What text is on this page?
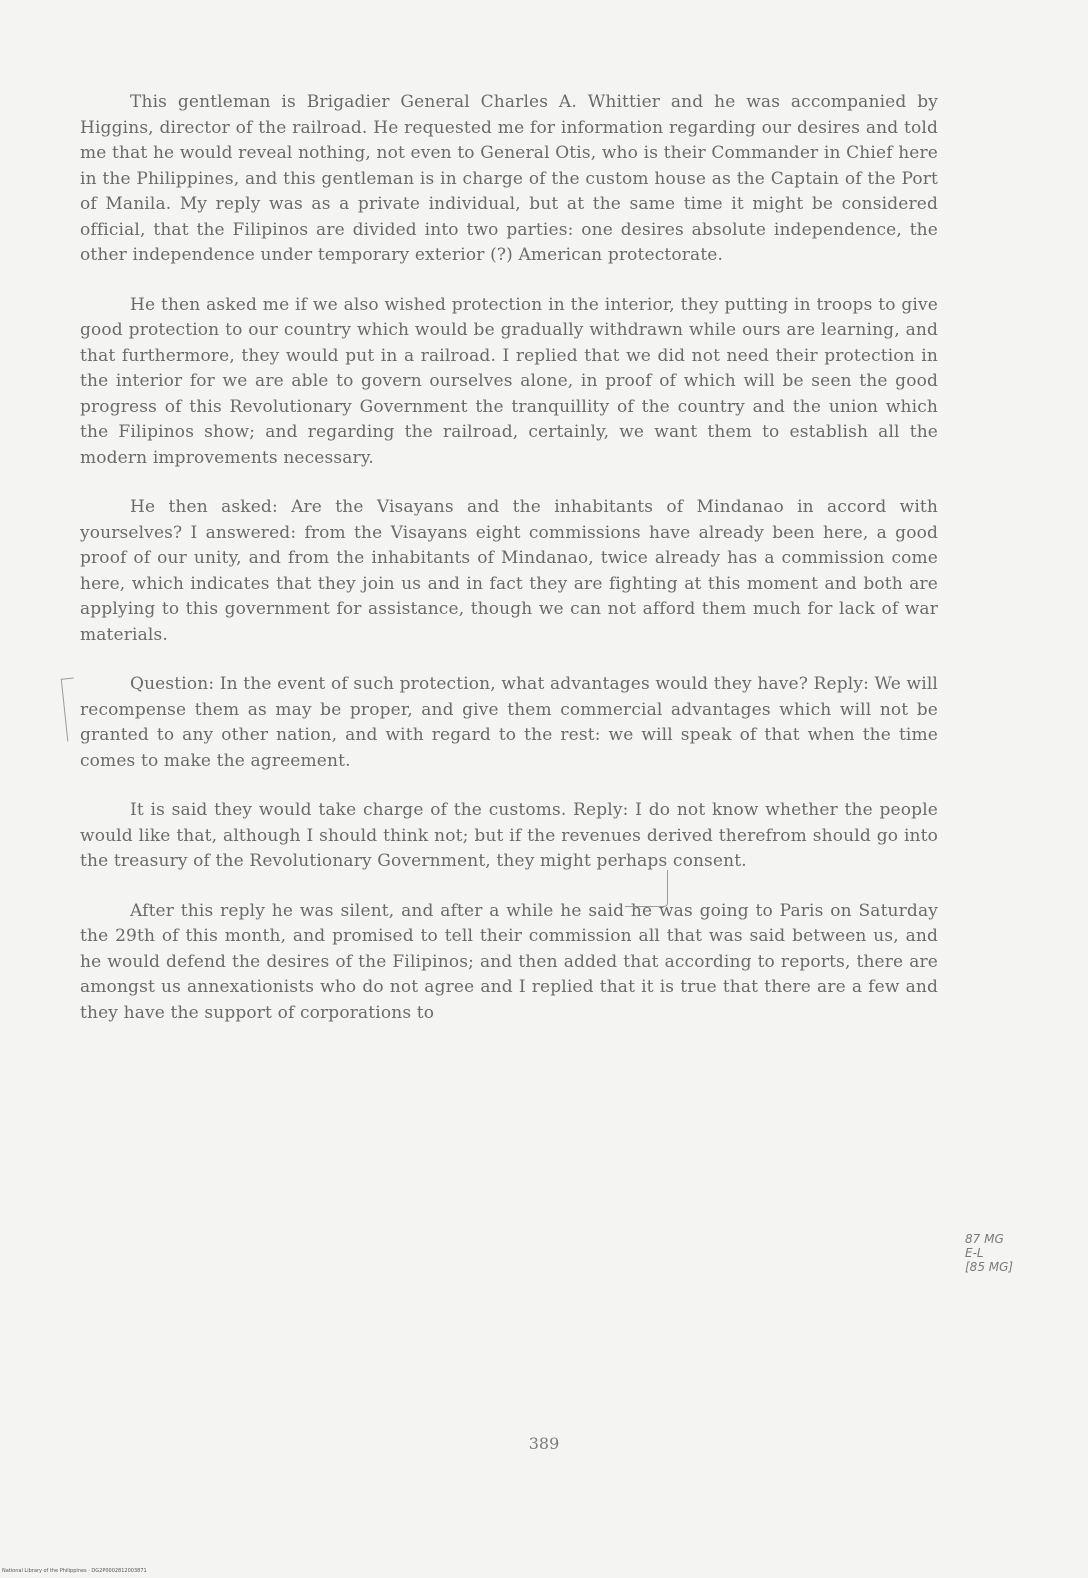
This gentleman is Brigadier General Charles A. Whittier and he was accompanied by Higgins, director of the railroad. He requested me for information regarding our desires and told me that he would reveal nothing, not even to General Otis, who is their Commander in Chief here in the Philippines, and this gentleman is in charge of the custom house as the Captain of the Port of Manila. My reply was as a private individual, but at the same time it might be considered official, that the Filipinos are divided into two parties: one desires absolute independence, the other independence under temporary exterior (?) American protectorate.

He then asked me if we also wished protection in the interior, they putting in troops to give good protection to our country which would be gradually withdrawn while ours are learning, and that furthermore, they would put in a railroad. I replied that we did not need their protection in the interior for we are able to govern ourselves alone, in proof of which will be seen the good progress of this Revolutionary Government the tranquillity of the country and the union which the Filipinos show; and regarding the railroad, certainly, we want them to establish all the modern improvements necessary.

He then asked: Are the Visayans and the inhabitants of Mindanao in accord with yourselves? I answered: from the Visayans eight commissions have already been here, a good proof of our unity, and from the inhabitants of Mindanao, twice already has a commission come here, which indicates that they join us and in fact they are fighting at this moment and both are applying to this government for assistance, though we can not afford them much for lack of war materials.

Question: In the event of such protection, what advantages would they have? Reply: We will recompense them as may be proper, and give them commercial advantages which will not be granted to any other nation, and with regard to the rest: we will speak of that when the time comes to make the agreement.

It is said they would take charge of the customs. Reply: I do not know whether the people would like that, although I should think not; but if the revenues derived therefrom should go into the treasury of the Revolutionary Government, they might perhaps consent.

After this reply he was silent, and after a while he said he was going to Paris on Saturday the 29th of this month, and promised to tell their commission all that was said between us, and he would defend the desires of the Filipinos; and then added that according to reports, there are amongst us annexationists who do not agree and I replied that it is true that there are a few and they have the support of corporations to

87 MG
E-L
[85 MG]
389
National Library of the Philippines · DG2P0002812003871
